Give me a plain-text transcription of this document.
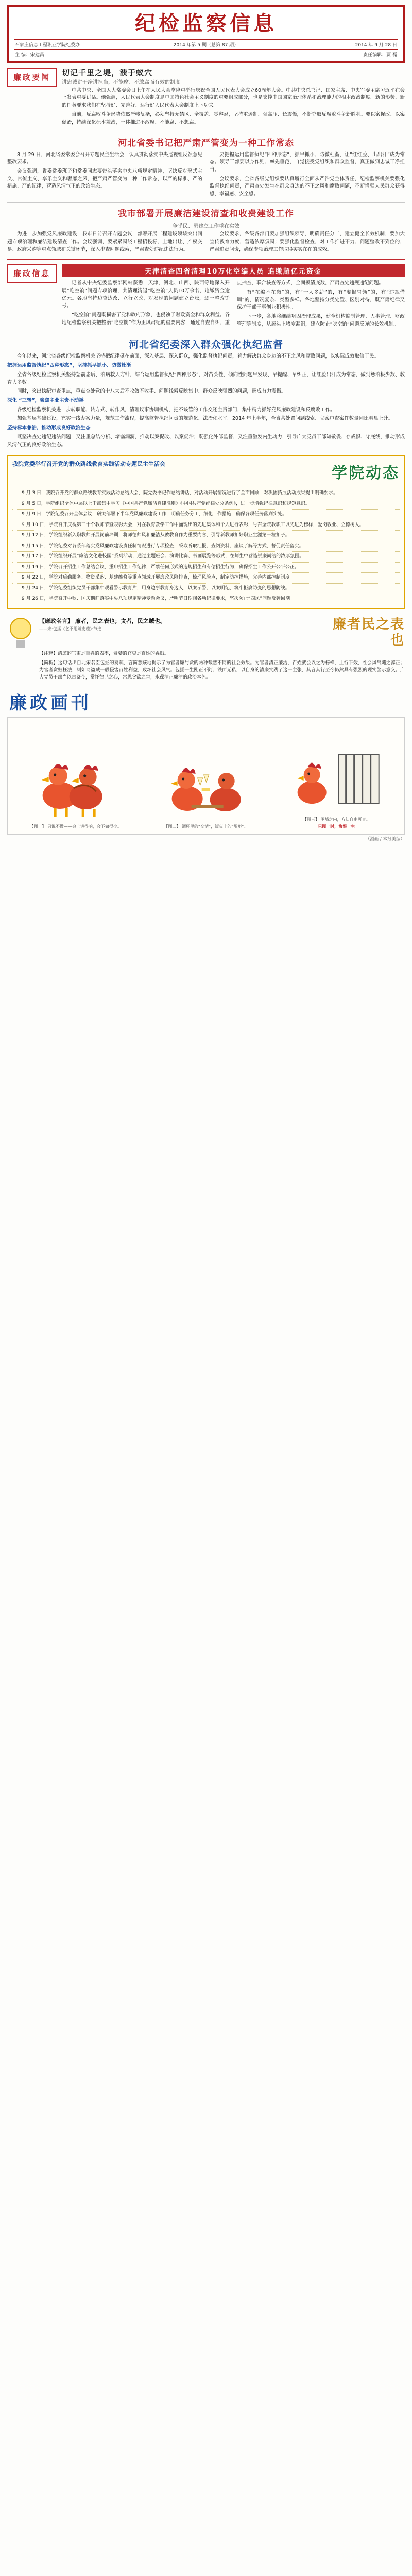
纪检监察信息
石家庄信息工程职业学院纪委办	2014 年第 5 期（总第 87 期）	2014 年 9 月 28 日
主 编：宋建昌	责任编辑：贾 磊
廉政要闻	切记千里之堤，溃于蚁穴
讲忠诚讲干净讲担当，不能腐、不敢腐而有效的制度
中共中央、全国人大常委会日上午在人民大会堂隆重举行庆祝全国人民代表大会成立60周年大会。中共中央总书记、国家主席、中央军委主席习近平在会上发表重要讲话。他强调，人民代表大会制度是中国特色社会主义制度的重要组成部分，也是支撑中国国家治理体系和治理能力的根本政治制度。新的形势、新的任务要求我们在坚持好、完善好、运行好人民代表大会制度上下功夫。
当前，反腐败斗争形势依然严峻复杂，必须坚持无禁区、全覆盖、零容忍，坚持重遏制、强高压、长震慑，不断夺取反腐败斗争新胜利。要以案促改、以案促治，持续深化标本兼治，一体推进不敢腐、不能腐、不想腐。
河北省委书记把严肃严管变为一种工作常态
8 月 29 日，河北省委常委会召开专题民主生活会，认真贯彻落实中央巡视组反馈意见整改要求。
会议强调，省委常委班子和常委同志要带头落实中央八项规定精神，坚决反对形式主义、官僚主义、享乐主义和奢靡之风，把严肃严管变为一种工作常态，以严的标准、严的措施、严的纪律，营造风清气正的政治生态。
要把握运用监督执纪“四种形态”，抓早抓小、防微杜渐，让“红红脸、出出汗”成为常态。领导干部要以身作则、率先垂范，自觉接受党组织和群众监督，真正做到忠诚干净担当。
会议要求，全省各级党组织要认真履行全面从严治党主体责任，纪检监察机关要强化监督执纪问责，严肃查处发生在群众身边的不正之风和腐败问题，不断增强人民群众获得感、幸福感、安全感。
我市部署开展廉洁建设清查和收费建设工作
争乎民、勇建立工作重在实效
为进一步加强党风廉政建设，我市日前召开专题会议，部署开展工程建设领域突出问题专项治理和廉洁建设清查工作。会议强调，要紧紧围绕工程招投标、土地出让、产权交易、政府采购等重点领域和关键环节，深入排查问题线索，严肃查处违纪违法行为。
会议要求，各级各部门要加强组织领导，明确责任分工，建立健全长效机制；要加大宣传教育力度，营造浓厚氛围；要强化监督检查，对工作推进不力、问题整改不到位的，严肃追责问责，确保专项治理工作取得实实在在的成效。
廉政信息	天津清查四省清理10万化空编人员 追缴超亿元资金
记者从中央纪委监察部网站获悉，天津、河北、山西、陕西等地深入开展“吃空饷”问题专项治理，共清理清退“吃空饷”人员10万余名，追缴资金逾亿元。各地坚持边查边改、立行立改，对发现的问题建立台账，逐一整改销号。
“吃空饷”问题既损害了党和政府形象，也侵蚀了财政资金和群众利益。各地纪检监察机关把整治“吃空饷”作为正风肃纪的重要内容，通过自查自纠、重点抽查、联合核查等方式，全面摸清底数，严肃查处违规违纪问题。
有“在编不在岗”的，有“一人多薪”的，有“虚报冒领”的，有“违规借调”的，情况复杂、类型多样。各地坚持分类处置、区别对待，既严肃纪律又保护干部干事创业积极性。
下一步，各地将继续巩固治理成果，健全机构编制管理、人事管理、财政管理等制度，从源头上堵塞漏洞，建立防止“吃空饷”问题反弹的长效机制。
河北省纪委深入群众强化执纪监督
今年以来，河北省各级纪检监察机关坚持把纪律挺在前面，深入基层、深入群众，强化监督执纪问责，着力解决群众身边的不正之风和腐败问题，以实际成效取信于民。
把握运用监督执纪“四种形态”，坚持抓早抓小、防微杜渐
全省各级纪检监察机关坚持惩前毖后、治病救人方针，综合运用监督执纪“四种形态”，对苗头性、倾向性问题早发现、早提醒、早纠正，让红脸出汗成为常态，做到惩治极少数、教育大多数。
同时，突出执纪审查重点，重点查处党的十八大后不收敛不收手、问题线索反映集中、群众反映强烈的问题，形成有力震慑。
深化 “三转”，聚焦主业主责不动摇
各级纪检监察机关进一步转职能、转方式、转作风，清理议事协调机构，把不该管的工作交还主责部门，集中精力抓好党风廉政建设和反腐败工作。
加强基层基础建设，充实一线办案力量，规范工作流程，提高监督执纪问责的规范化、法治化水平。2014 年上半年，全省共处置问题线索、立案审查案件数量同比明显上升。
坚持标本兼治，推动形成良好政治生态
既坚决查处违纪违法问题，又注重总结分析、堵塞漏洞，推动以案促改、以案促治；既强化外部监督，又注重激发内生动力，引导广大党员干部知敬畏、存戒惧、守底线，推动形成风清气正的良好政治生态。
我院党委举行召开党的群众路线教育实践活动专题民主生活会
学院动态
9 月 3 日，我院召开党的群众路线教育实践活动总结大会，院党委书记作总结讲话，对活动开展情况进行了全面回顾，对巩固拓展活动成果提出明确要求。
9 月 5 日，学院组织全体中层以上干部集中学习《中国共产党廉洁自律准则》《中国共产党纪律处分条例》，进一步增强纪律意识和规矩意识。
9 月 9 日，学院纪委召开全体会议，研究部署下半年党风廉政建设工作，明确任务分工，细化工作措施，确保各项任务落到实处。
9 月 10 日，学院召开庆祝第三十个教师节暨表彰大会，对在教育教学工作中涌现出的先进集体和个人进行表彰，号召全院教职工以先进为榜样，爱岗敬业、立德树人。
9 月 12 日，学院组织新入职教师开展岗前培训，将师德师风和廉洁从教教育作为重要内容，引导新教师扣好职业生涯第一粒扣子。
9 月 15 日，学院纪委对各系部落实党风廉政建设责任制情况进行专项检查，采取听取汇报、查阅资料、座谈了解等方式，督促责任落实。
9 月 17 日，学院组织开展“廉洁文化进校园”系列活动，通过主题班会、演讲比赛、书画展览等形式，在师生中营造崇廉尚洁的浓厚氛围。
9 月 19 日，学院召开招生工作总结会议，重申招生工作纪律，严禁任何形式的违规招生和有偿招生行为，确保招生工作公开公平公正。
9 月 22 日，学院对后勤服务、物资采购、基建维修等重点领域开展廉政风险排查，梳理风险点，制定防控措施，完善内部控制制度。
9 月 24 日，学院纪委组织党员干部集中观看警示教育片，用身边事教育身边人，以案示警、以案明纪，筑牢拒腐防变的思想防线。
9 月 26 日，学院召开中秋、国庆期间落实中央八项规定精神专题会议，严明节日期间各项纪律要求，坚决防止“四风”问题反弹回潮。
【廉政名言】 廉者，民之表也；贪者，民之贼也。
——宋·包拯《乞不用赃吏疏》·节选	廉者民之表也
【注释】清廉的官吏是百姓的表率，贪婪的官吏是百姓的蟊贼。
【简析】这句话出自北宋名臣包拯的奏疏，言简意赅地揭示了为官者廉与贪的两种截然不同的社会效果。为官者清正廉洁，百姓就会以之为榜样，上行下效，社会风气随之淳正；为官者贪赃枉法，则如同盗贼一般侵害百姓利益，败坏社会风气。包拯一生刚正不阿、铁面无私，以自身的清廉实践了这一主张，其言其行至今仍然具有强烈的现实警示意义。广大党员干部当以古鉴今，常怀律己之心，常思贪欲之害，永葆清正廉洁的政治本色。
廉政画刊
【图一】 只说不做——会上讲得响，会下做得少。	【图二】 酒杯里的“交情”，饭桌上的“规矩”。
【图三】 围墙之内，方知自由可贵。
只图一时，悔恨一生
（漫画 / 本报美编）
